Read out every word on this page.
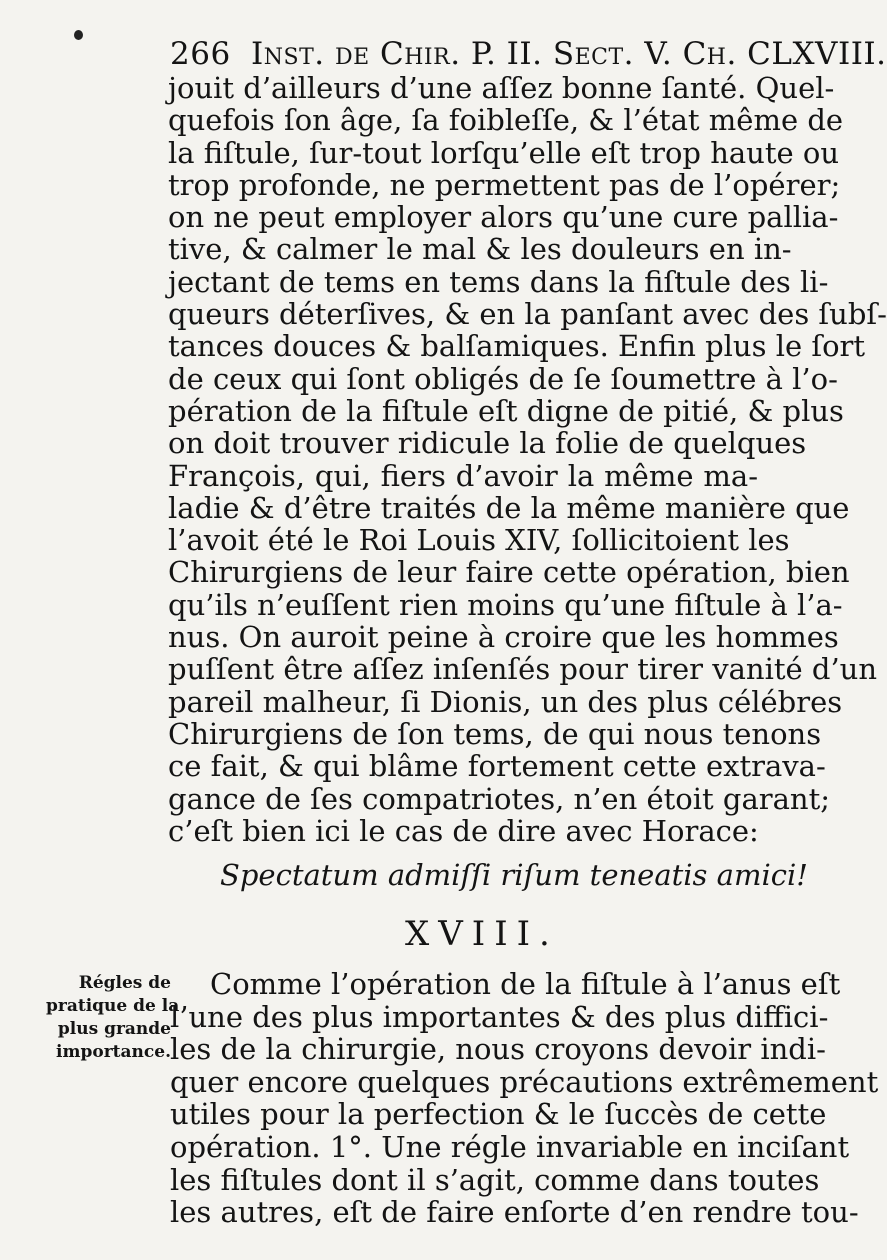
266 Inst. de Chir. P. II. Sect. V. Ch. CLXVIII.
jouit d’ailleurs d’une aſſez bonne ſanté. Quel-
quefois ſon âge, ſa foibleſſe, & l’état même de
la fiſtule, ſur-tout lorſqu’elle eſt trop haute ou
trop profonde, ne permettent pas de l’opérer;
on ne peut employer alors qu’une cure pallia-
tive, & calmer le mal & les douleurs en in-
jectant de tems en tems dans la fiſtule des li-
queurs déterſives, & en la panſant avec des ſubſ-
tances douces & balſamiques. Enfin plus le ſort
de ceux qui ſont obligés de ſe ſoumettre à l’o-
pération de la fiſtule eſt digne de pitié, & plus
on doit trouver ridicule la folie de quelques
François, qui, fiers d’avoir la même ma-
ladie & d’être traités de la même manière que
l’avoit été le Roi Louis XIV, ſollicitoient les
Chirurgiens de leur faire cette opération, bien
qu’ils n’euſſent rien moins qu’une fiſtule à l’a-
nus. On auroit peine à croire que les hommes
puſſent être aſſez inſenſés pour tirer vanité d’un
pareil malheur, ſi Dionis, un des plus célébres
Chirurgiens de ſon tems, de qui nous tenons
ce fait, & qui blâme fortement cette extrava-
gance de ſes compatriotes, n’en étoit garant;
c’eſt bien ici le cas de dire avec Horace:
Spectatum admiſſi riſum teneatis amici!
XVIII.
Régles de
pratique de la
plus grande
importance.
Comme l’opération de la fiſtule à l’anus eſt
l’une des plus importantes & des plus diffici-
les de la chirurgie, nous croyons devoir indi-
quer encore quelques précautions extrêmement
utiles pour la perfection & le ſuccès de cette
opération. 1°. Une régle invariable en inciſant
les fiſtules dont il s’agit, comme dans toutes
les autres, eſt de faire enſorte d’en rendre tou-
